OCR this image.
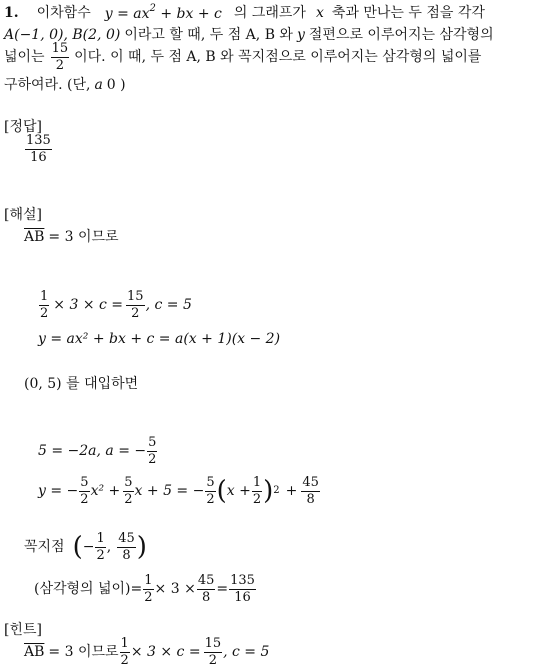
1. 이차함수 $y = ax^2$ + bx + c 의 그래프가 x 축과 만나는 두 점을 각각
A(−1, 0), B(2, 0) 이라고 할 때, 두 점 A, B 와 y 절편으로 이루어지는 삼각형의
넓이는 $\frac{15}{2}$ 이다. 이 때, 두 점 A, B 와 꼭지점으로 이루어지는 삼각형의 넓이를
구하여라. (단, a 0 )
[정답]
$\frac{135}{16}$
[해설]
$\overline{AB} = 3$ 이므로
$\frac{1}{2} \times 3 \times c = \frac{15}{2}$ , c = 5
y = ax² + bx + c = a(x + 1)(x − 2)
(0, 5) 를 대입하면
5 = −2a, a = − $\frac{5}{2}$
y = − $\frac{5}{2} x^2 + \frac{5}{2}$ x + 5 = − $\frac{5}{2}$ ( $x + \frac{1}{2}$ ) $2 + \frac{45}{8}$
꼭지점 ( − $\frac{1}{2}$ , $\frac{45}{8}$ )
(삼각형의 넓이)= $\frac{1}{2} \times 3 \times \frac{45}{8} = \frac{135}{16}$
[힌트]
$\overline{AB} = 3$ 이므로 $\frac{1}{2} \times 3 \times c = \frac{15}{2}$ , c = 5
